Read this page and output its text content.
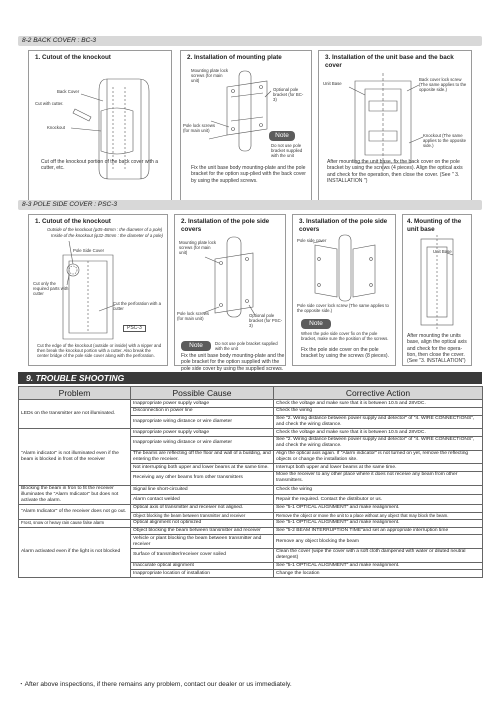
8-2 BACK COVER : BC-3
1. Cutout of the knockout
Back Cover
Cut with cutter.
Knockout
Cut off the knockout portion of the back cover with a cutter, etc.
2. Installation of mounting plate
Mounting plate lock screws (for main unit)
Optional pole bracket (for BC-3)
Pole lock screws (for main unit)
Note
Do not use pole bracket supplied with the unit
Fix the unit base body mounting-plate and the pole bracket for the option sup-plied with the back cover by using the supplied screws.
3. Installation of the unit base and the back cover
Unit Base
Back cover lock screw (The same applies to the opposite side.)
Knockout (The same applies to the opposite side.)
After mounting the unit base, fix the back cover on the pole bracket by using the screws (4 pieces). Align the optical axis and check for the operation, then close the cover. (See " 3. INSTALLATION ")
8-3 POLE SIDE COVER : PSC-3
1. Cutout of the knockout
Outside of the knockout (φ35-48mm : the diameter of a pole)
Inside of the knockout (φ32-35mm : the diameter of a pole)
Pole Side Cover
Cut only the required parts with cutter
Cut the perforation with a cutter
PSC-3
Cut the edge of the knockout (outside or inside) with a nipper and then break the knockout portion with a cutter. Also break the center bridge of the pole side cover along with the perforation.
2. Installation of the pole side covers
Mounting plate lock screws (for main unit)
Pole lock screws (for main unit)
Optional pole bracket (for PSC-3)
Note	Do not use pole bracket supplied with the unit
Fix the unit base body mounting-plate and the pole bracket for the option supplied with the pole side cover by using the supplied screws.
3. Installation of the pole side covers
Pole side cover
Pole side cover lock screw (The same applies to the opposite side.)
Note
When the pole side cover fix on the pole bracket, make sure the position of the screws.
Fix the pole side cover on the pole bracket by using the screws (8 pieces).
4. Mounting of the unit base
Unit Base
After mounting the units base, align the optical axis and check for the opera-tion, then close the cover. (See "3. INSTALLATION")
9. TROUBLE SHOOTING
Problem	Possible Cause	Corrective Action
LEDs on the transmitter are not illuminated.	Inappropriate power supply voltage	Check the voltage and make sure that it is between 10.5 and 28VDC.
	Disconnection in power line	Check the wiring
	Inappropriate wiring distance or wire diameter	See "2. Wiring distance between power supply and detector" of "4. WIRE CONNECTIONS", and check the wiring distance.
"Alarm indicator" is not illuminated even if the beam is blocked in front of the receiver	Inappropriate power supply voltage	Check the voltage and make sure that it is between 10.5 and 28VDC.
	Inappropriate wiring distance or wire diameter	See "2. Wiring distance between power supply and detector" of "4. WIRE CONNECTIONS", and check the wiring distance.
	The beams are reflecting off the floor and wall of a building, and entering the receiver.	Align the optical axis again. If "Alarm indicator" is not turned on yet, remove the reflecting objects or change the installation site.
	Not interrupting both upper and lower beams at the same time.	Interrupt both upper and lower beams at the same time.
	Receiving any other beams from other transmitters	Move the receiver to any other place where it does not receive any beam from other transmitters.
Blocking the beam in fron to fit the receiver illuminates the "Alarm Indicator" but does not activate the alarm.	Signal line short-circuited	Check the wiring
	Alarm contact welded	Repair the required. Contact the distributor or us.
"Alarm Indicator" of the receiver does not go out.	Optical axis of transmitter and receiver not aligned.	See "5-1 OPTICAL ALIGNMENT" and make realignment.
	Object blocking the beam between transmitter and receiver	Remove the object or move the unit to a place without any object that may block the beam.
Frost, snow or heavy rain cause false alarm	Optical alignment not optimized	See "5-1 OPTICAL ALIGNMENT" and make realignment.
Alarm activated even if the light is not blocked	Object blocking the beam between transmitter and receiver	See "5-2 BEAM INTERRUPTION TIME"and set an appropriate interruption time
	Vehicle or plant blocking the beam between transmitter and receiver	Remove any object blocking the beam
	Surface of transmitter/receiver cover soiled	Clean the cover (wipe the cover with a soft cloth dampened with water or diluted neutral detergent)
	Inaccurate optical alignment	See "5-1 OPTICAL ALIGNMENT" and make realignment.
	Inappropriate location of installation	Change the location
・After above inspections, if there remains any problem, contact our dealer or us immediately.
